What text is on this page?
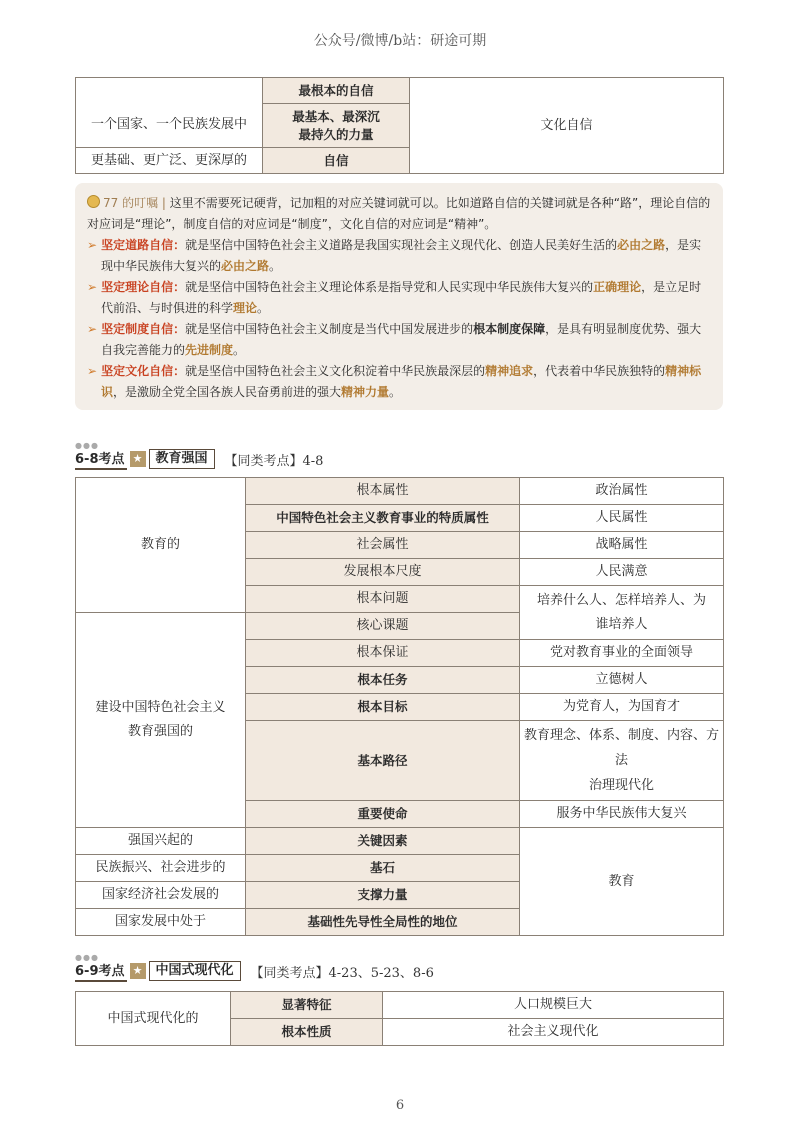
公众号/微博/b站：研途可期
	最根本的自信	文化自信
一个国家、一个民族发展中	最基本、最深沉
最持久的力量	
更基础、更广泛、更深厚的	自信	
77 的叮嘱 | 这里不需要死记硬背，记加粗的对应关键词就可以。比如道路自信的关键词就是各种“路”，理论自信的对应词是“理论”，制度自信的对应词是“制度”，文化自信的对应词是“精神”。
➢ 坚定道路自信：就是坚信中国特色社会主义道路是我国实现社会主义现代化、创造人民美好生活的必由之路，是实现中华民族伟大复兴的必由之路。
➢ 坚定理论自信：就是坚信中国特色社会主义理论体系是指导党和人民实现中华民族伟大复兴的正确理论，是立足时代前沿、与时俱进的科学理论。
➢ 坚定制度自信：就是坚信中国特色社会主义制度是当代中国发展进步的根本制度保障，是具有明显制度优势、强大自我完善能力的先进制度。
➢ 坚定文化自信：就是坚信中国特色社会主义文化积淀着中华民族最深层的精神追求，代表着中华民族独特的精神标识，是激励全党全国各族人民奋勇前进的强大精神力量。
●●●
6-8考点 ★	教育强国	【同类考点】4-8
教育的	根本属性	政治属性
	中国特色社会主义教育事业的特质属性	人民属性
	社会属性	战略属性
	发展根本尺度	人民满意
	根本问题	培养什么人、怎样培养人、为
谁培养人
建设中国特色社会主义
教育强国的	核心课题	
	根本保证	党对教育事业的全面领导
	根本任务	立德树人
	根本目标	为党育人，为国育才
	基本路径	教育理念、体系、制度、内容、方法
治理现代化
	重要使命	服务中华民族伟大复兴
强国兴起的	关键因素	教育
民族振兴、社会进步的	基石	
国家经济社会发展的	支撑力量	
国家发展中处于	基础性先导性全局性的地位	
●●●
6-9考点 ★	中国式现代化	【同类考点】4-23、5-23、8-6
中国式现代化的	显著特征	人口规模巨大
	根本性质	社会主义现代化
6
